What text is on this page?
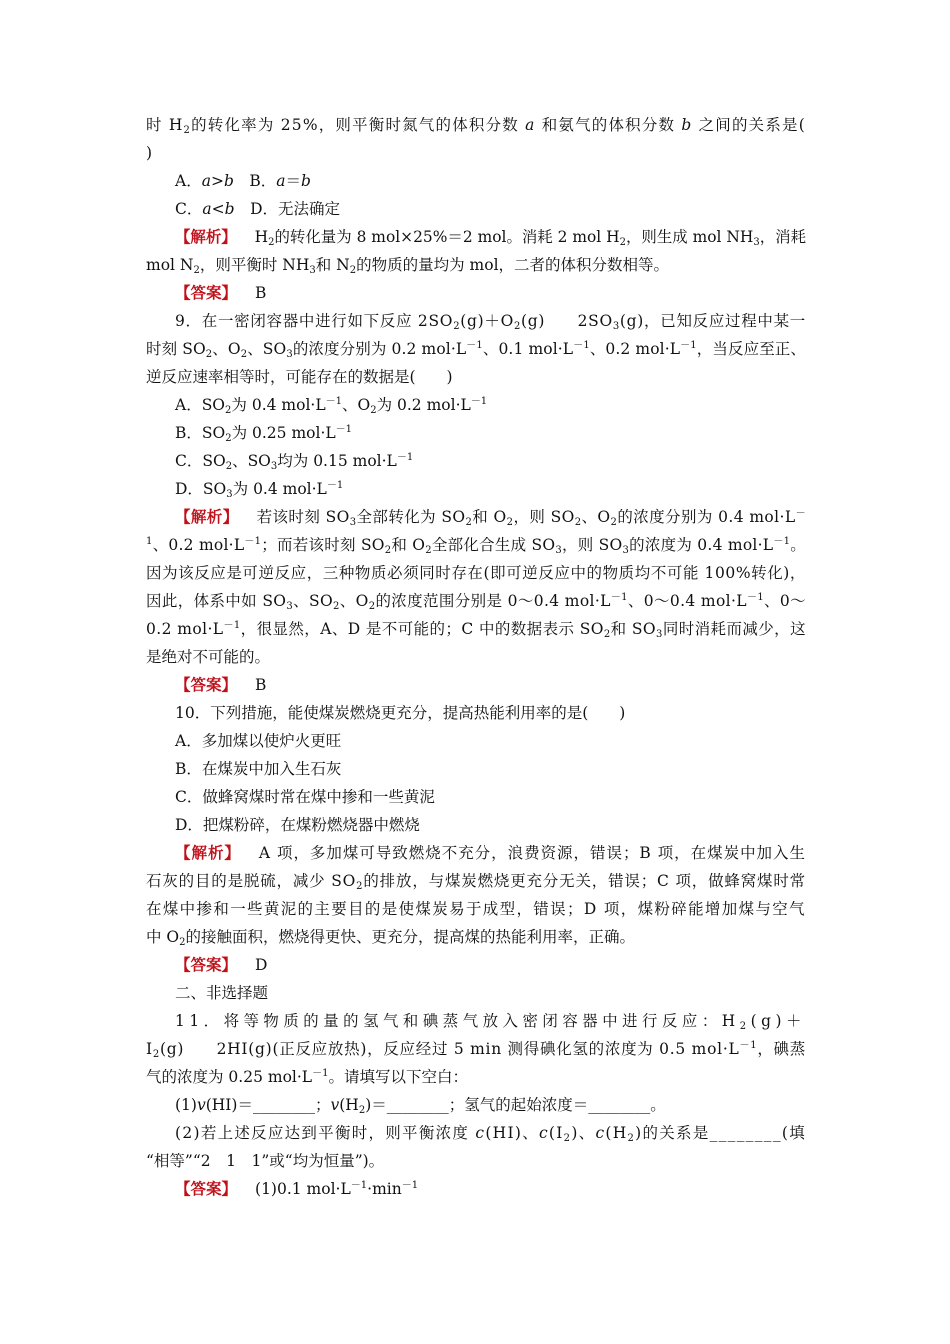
时 $H_2$的转化率为 25%，则平衡时氮气的体积分数 a 和氨气的体积分数 b 之间的关系是(
)
A．a>b　B．a＝b
C．a<b　D．无法确定
【解析】 $H_2$的转化量为 8 mol×25%＝2 mol。消耗 2 mol $H_2$，则生成 mol $NH_3$，消耗
mol $N_2$，则平衡时 $NH_3$和 $N_2$的物质的量均为 mol，二者的体积分数相等。
【答案】 B
9．在一密闭容器中进行如下反应 $2SO_2(g)+O_2(g)$　　$2SO_3(g)$，已知反应过程中某一
时刻 $SO_2$、$O_2$、$SO_3$的浓度分别为 0.2 $mol\cdot L^{-1}$、0.1 $mol\cdot L^{-1}$、0.2 $mol\cdot L^{-1}$，当反应至正、
逆反应速率相等时，可能存在的数据是(　　)
A．$SO_2$为 0.4 $mol\cdot L^{-1}$、$O_2$为 0.2 $mol\cdot L^{-1}$
B．$SO_2$为 0.25 $mol\cdot L^{-1}$
C．$SO_2$、$SO_3$均为 0.15 $mol\cdot L^{-1}$
D．$SO_3$为 0.4 $mol\cdot L^{-1}$
【解析】 若该时刻 $SO_3$全部转化为 $SO_2$和 $O_2$，则 $SO_2$、$O_2$的浓度分别为 0.4 mol·L－
$^1$、0.2 $mol\cdot L^{-1}$；而若该时刻 $SO_2$和 $O_2$全部化合生成 $SO_3$，则 $SO_3$的浓度为 0.4 $mol\cdot L^{-1}$。
因为该反应是可逆反应，三种物质必须同时存在(即可逆反应中的物质均不可能 100%转化)，
因此，体系中如 $SO_3$、$SO_2$、$O_2$的浓度范围分别是 0～0.4 $mol\cdot L^{-1}$、0～0.4 $mol\cdot L^{-1}$、0～
0.2 $mol\cdot L^{-1}$，很显然，A、D 是不可能的；C 中的数据表示 $SO_2$和 $SO_3$同时消耗而减少，这
是绝对不可能的。
【答案】 B
10．下列措施，能使煤炭燃烧更充分，提高热能利用率的是(　　)
A．多加煤以使炉火更旺
B．在煤炭中加入生石灰
C．做蜂窝煤时常在煤中掺和一些黄泥
D．把煤粉碎，在煤粉燃烧器中燃烧
【解析】 A 项，多加煤可导致燃烧不充分，浪费资源，错误；B 项，在煤炭中加入生
石灰的目的是脱硫，减少 $SO_2$的排放，与煤炭燃烧更充分无关，错误；C 项，做蜂窝煤时常
在煤中掺和一些黄泥的主要目的是使煤炭易于成型，错误；D 项，煤粉碎能增加煤与空气
中 $O_2$的接触面积，燃烧得更快、更充分，提高煤的热能利用率，正确。
【答案】 D
二、非选择题
11．将等物质的量的氢气和碘蒸气放入密闭容器中进行反应：$H_2(g)+$
$I_2(g)$　　2HI(g)(正反应放热)，反应经过 5 min 测得碘化氢的浓度为 0.5 $mol\cdot L^{-1}$，碘蒸
气的浓度为 0.25 $mol\cdot L^{-1}$。请填写以下空白：
(1)v(HI)＝________；$v(H_2)=\_\_\_\_\_\_\_\_$；氢气的起始浓度＝________。
(2)若上述反应达到平衡时，则平衡浓度 c(HI)、$c(I_2)$、$c(H_2)$的关系是________(填
“相等”“2　1　1”或“均为恒量”)。
【答案】 (1)0.1 $mol\cdot L^{-1}\cdot\min^{-1}$
